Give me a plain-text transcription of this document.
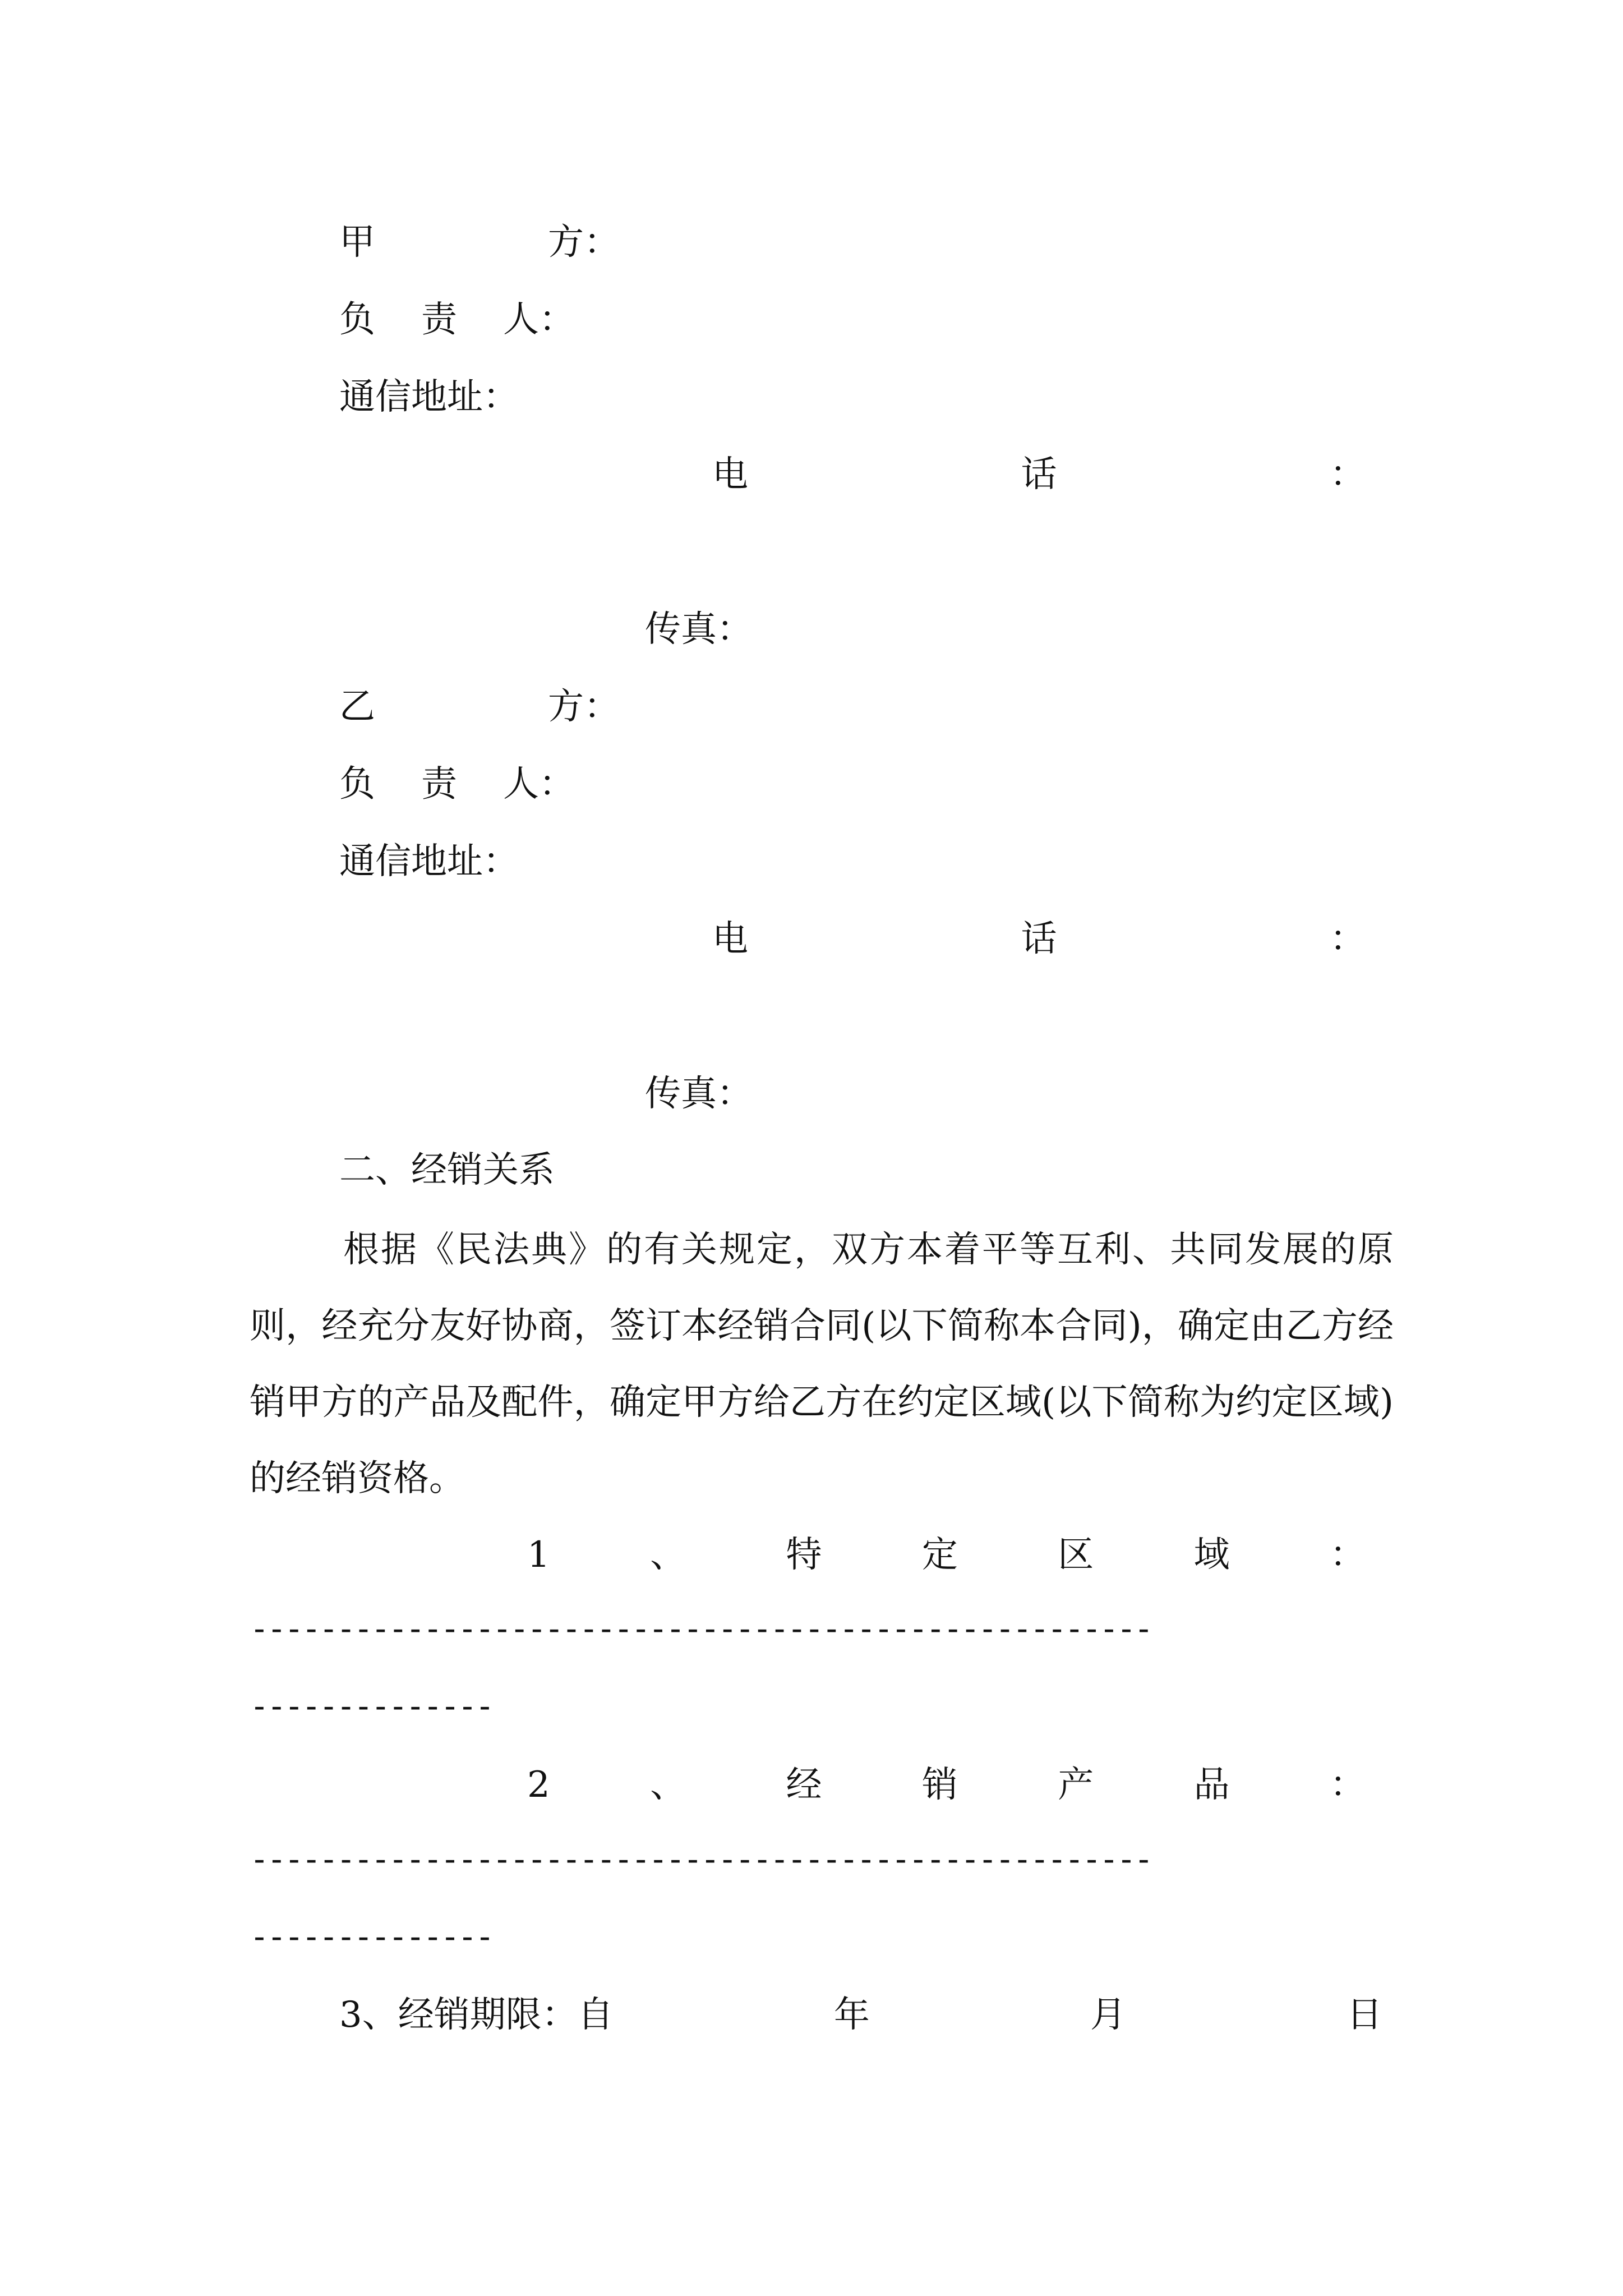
甲	方：
负 责 人：
通信地址：
电	话	：
传真：
乙	方：
负 责 人：
通信地址：
电	话	：
传真：
二、经销关系
根据《民法典》的有关规定，双方本着平等互利、共同发展的原则，经充分友好协商，签订本经销合同(以下简称本合同)，确定由乙方经销甲方的产品及配件，确定甲方给乙方在约定区域(以下简称为约定区域)的经销资格。
1	、	特	定	区	域	：
----------------------------------------------------
--------------
2	、	经	销	产	品	：
----------------------------------------------------
--------------
3、经销期限：自	年	月	日
